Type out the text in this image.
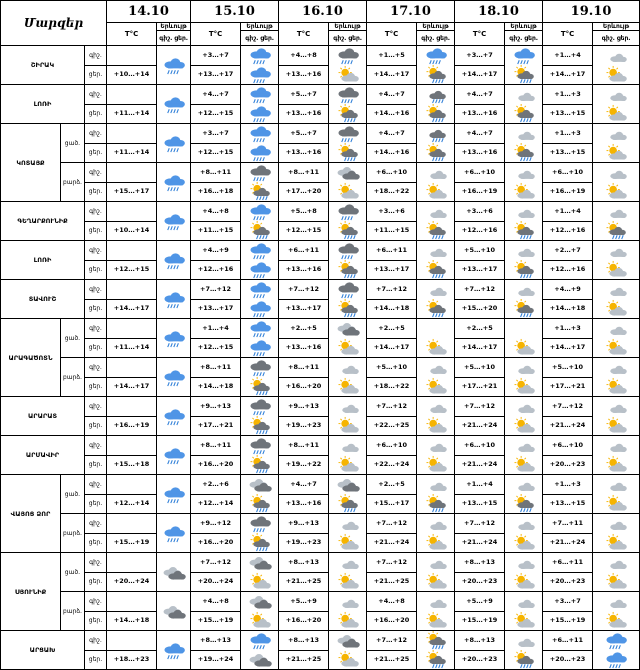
Մարզեր			14.10		15.10		16.10		17.10		18.10		19.10	
			T°C	Երևույթ	T°C	Երևույթ	T°C	Երևույթ	T°C	Երևույթ	T°C	Երևույթ	T°C	Երևույթ
				գիշ․ ցեր․		գիշ․ ցեր․		գիշ․ ցեր․		գիշ․ ցեր․		գիշ․ ցեր․		գիշ․ ցեր․
ՇԻՐԱԿ		գիշ․			+3…+7		+4…+8		+1…+5		+3…+7		+1…+4	

		ցեր․	+10…+14		+13…+17		+13…+16		+14…+17		+14…+17		+14…+17	
ԼՈՌԻ		գիշ․			+4…+7		+5…+7		+4…+7		+4…+7		+1…+3	

		ցեր․	+11…+14		+12…+15		+13…+16		+14…+16		+13…+16		+13…+15	
ԿՈՏԱՅՔ	ցած․	գիշ․			+3…+7		+5…+7		+4…+7		+4…+7		+1…+3	

		ցեր․	+11…+14		+12…+15		+13…+16		+14…+16		+13…+16		+13…+15	
	բարձ․	գիշ․			+8…+11		+8…+11		+6…+10		+6…+10		+6…+10	

		ցեր․	+15…+17		+16…+18		+17…+20		+18…+22		+16…+19		+16…+19	
ԳԵՂԱՐՔՈՒՆԻՔ		գիշ․			+4…+8		+5…+8		+3…+6		+3…+6		+1…+4	

		ցեր․	+10…+14		+11…+15		+12…+15		+11…+15		+12…+16		+12…+16	
ԼՈՌԻ		գիշ․			+4…+9		+6…+11		+6…+11		+5…+10		+2…+7	

		ցեր․	+12…+15		+12…+16		+13…+16		+13…+17		+13…+17		+12…+16	
ՏԱՎՈՒՇ		գիշ․			+7…+12		+7…+12		+7…+12		+7…+12		+4…+9	

		ցեր․	+14…+17		+13…+17		+13…+17		+14…+18		+15…+20		+14…+18	
ԱՐԱԳԱԾՈՏՆ	ցած․	գիշ․			+1…+4		+2…+5		+2…+5		+2…+5		+1…+3	

		ցեր․	+11…+14		+12…+15		+13…+16		+14…+17		+14…+17		+14…+17	
	բարձ․	գիշ․			+8…+11		+8…+11		+5…+10		+5…+10		+5…+10	

		ցեր․	+14…+17		+14…+18		+16…+20		+18…+22		+17…+21		+17…+21	
ԱՐԱՐԱՏ		գիշ․			+9…+13		+9…+13		+7…+12		+7…+12		+7…+12	

		ցեր․	+16…+19		+17…+21		+19…+23		+22…+25		+21…+24		+21…+24	
ԱՐՄԱՎԻՐ		գիշ․			+8…+11		+8…+11		+6…+10		+6…+10		+6…+10	

		ցեր․	+15…+18		+16…+20		+19…+22		+22…+24		+21…+24		+20…+23	
ՎԱՅՈՑ ՁՈՐ	ցած․	գիշ․			+2…+6		+4…+7		+2…+5		+1…+4		+1…+3	

		ցեր․	+12…+14		+12…+14		+13…+16		+15…+17		+13…+15		+13…+15	
	բարձ․	գիշ․			+9…+12		+9…+13		+7…+12		+7…+12		+7…+11	

		ցեր․	+15…+19		+16…+20		+19…+23		+21…+24		+21…+24		+21…+24	
ՍՅՈՒՆԻՔ	ցած․	գիշ․			+7…+12		+8…+13		+7…+12		+8…+13		+6…+11	

		ցեր․	+20…+24		+20…+24		+21…+25		+21…+25		+20…+23		+20…+23	
	բարձ․	գիշ․			+4…+8		+5…+9		+4…+8		+5…+9		+3…+7	

		ցեր․	+14…+18		+15…+19		+16…+20		+16…+20		+15…+19		+15…+19	
ԱՐՑԱԽ		գիշ․			+8…+13		+8…+13		+7…+12		+8…+13		+6…+11	

		ցեր․	+18…+23		+19…+24		+21…+25		+21…+25		+20…+23		+20…+23	
